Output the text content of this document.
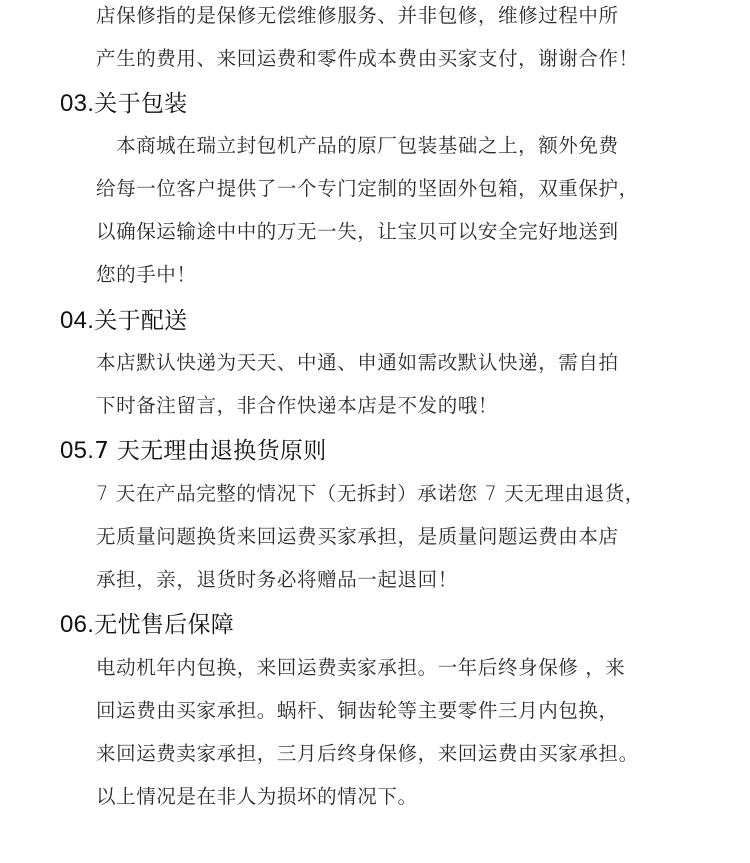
店保修指的是保修无偿维修服务、并非包修，维修过程中所
产生的费用、来回运费和零件成本费由买家支付，谢谢合作！

03.关于包装

　本商城在瑞立封包机产品的原厂包装基础之上，额外免费
给每一位客户提供了一个专门定制的坚固外包箱，双重保护，
以确保运输途中中的万无一失，让宝贝可以安全完好地送到
您的手中！

04.关于配送

本店默认快递为天天、中通、申通如需改默认快递，需自拍
下时备注留言，非合作快递本店是不发的哦！

05.7 天无理由退换货原则

7 天在产品完整的情况下（无拆封）承诺您 7 天无理由退货，
无质量问题换货来回运费买家承担，是质量问题运费由本店
承担，亲，退货时务必将赠品一起退回！

06.无忧售后保障

电动机年内包换，来回运费卖家承担。一年后终身保修 ，来
回运费由买家承担。蜗杆、铜齿轮等主要零件三月内包换，
来回运费卖家承担，三月后终身保修，来回运费由买家承担。
以上情况是在非人为损坏的情况下。
